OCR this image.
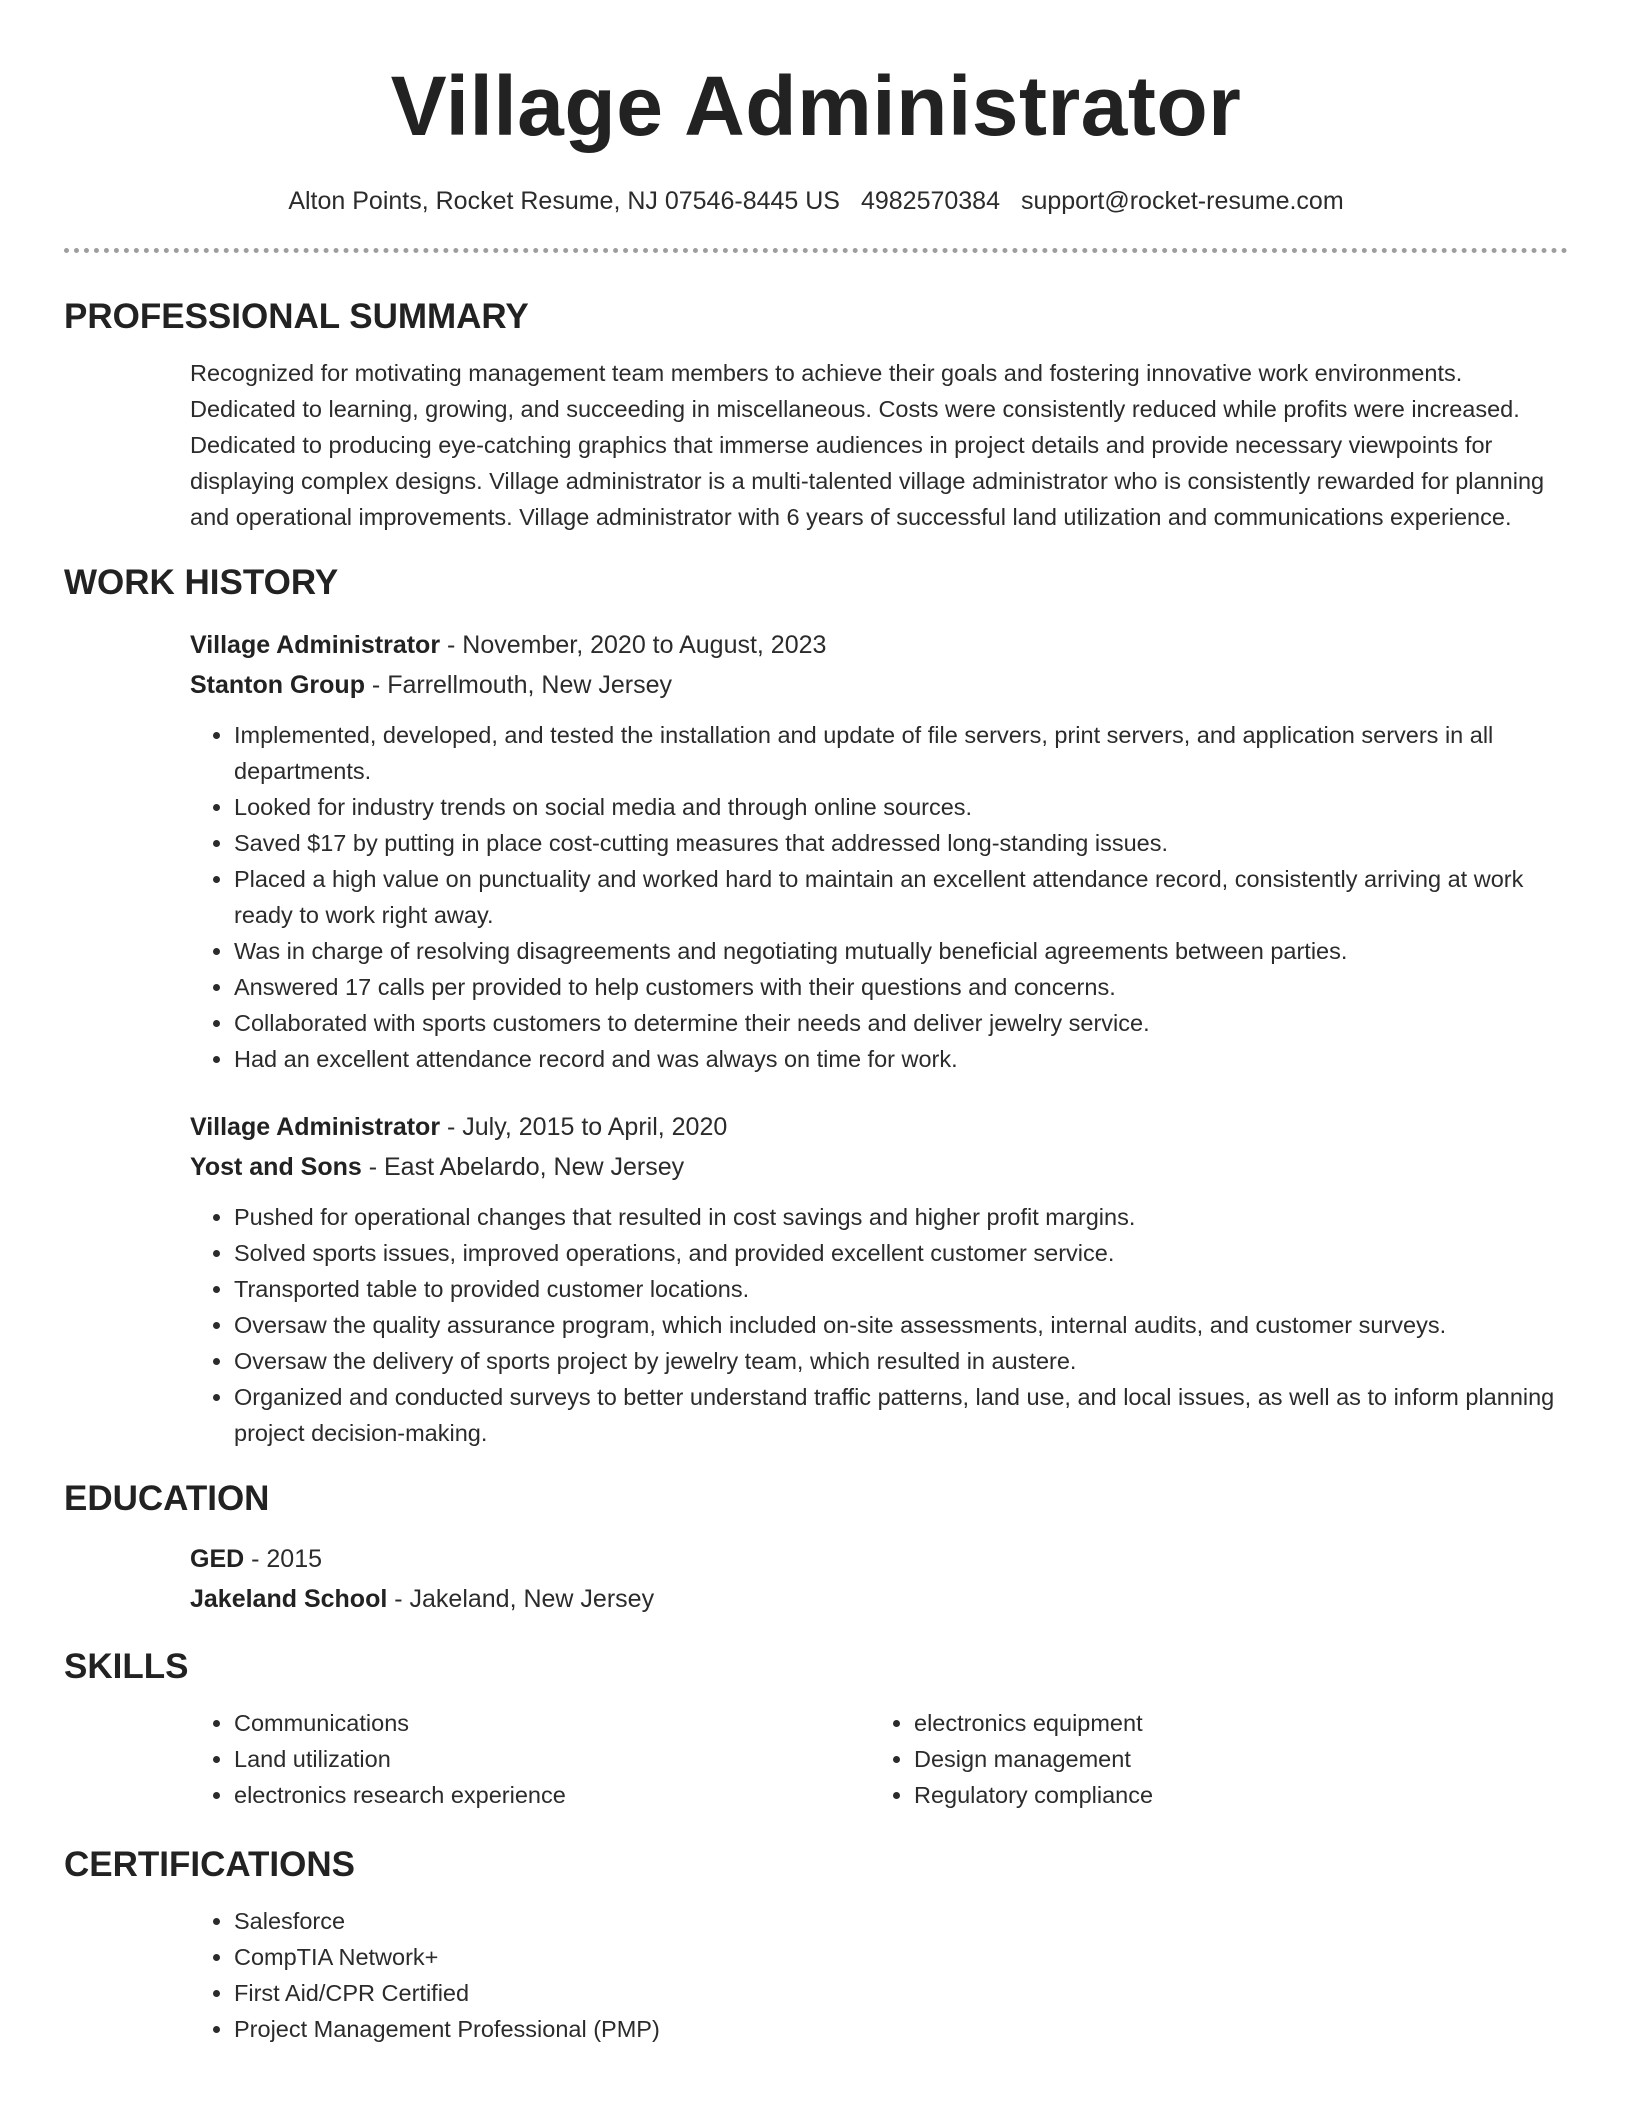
Village Administrator
Alton Points, Rocket Resume, NJ 07546-8445 US 4982570384 support@rocket-resume.com
PROFESSIONAL SUMMARY

Recognized for motivating management team members to achieve their goals and fostering innovative work environments. Dedicated to learning, growing, and succeeding in miscellaneous. Costs were consistently reduced while profits were increased. Dedicated to producing eye-catching graphics that immerse audiences in project details and provide necessary viewpoints for displaying complex designs. Village administrator is a multi-talented village administrator who is consistently rewarded for planning and operational improvements. Village administrator with 6 years of successful land utilization and communications experience.

WORK HISTORY
Village Administrator - November, 2020 to August, 2023
Stanton Group - Farrellmouth, New Jersey
• Implemented, developed, and tested the installation and update of file servers, print servers, and application servers in all departments.
• Looked for industry trends on social media and through online sources.
• Saved $17 by putting in place cost-cutting measures that addressed long-standing issues.
• Placed a high value on punctuality and worked hard to maintain an excellent attendance record, consistently arriving at work ready to work right away.
• Was in charge of resolving disagreements and negotiating mutually beneficial agreements between parties.
• Answered 17 calls per provided to help customers with their questions and concerns.
• Collaborated with sports customers to determine their needs and deliver jewelry service.
• Had an excellent attendance record and was always on time for work.
Village Administrator - July, 2015 to April, 2020
Yost and Sons - East Abelardo, New Jersey
• Pushed for operational changes that resulted in cost savings and higher profit margins.
• Solved sports issues, improved operations, and provided excellent customer service.
• Transported table to provided customer locations.
• Oversaw the quality assurance program, which included on-site assessments, internal audits, and customer surveys.
• Oversaw the delivery of sports project by jewelry team, which resulted in austere.
• Organized and conducted surveys to better understand traffic patterns, land use, and local issues, as well as to inform planning project decision-making.
EDUCATION
GED - 2015
Jakeland School - Jakeland, New Jersey
SKILLS
• Communications
• Land utilization
• electronics research experience
• electronics equipment
• Design management
• Regulatory compliance
CERTIFICATIONS
• Salesforce
• CompTIA Network+
• First Aid/CPR Certified
• Project Management Professional (PMP)
